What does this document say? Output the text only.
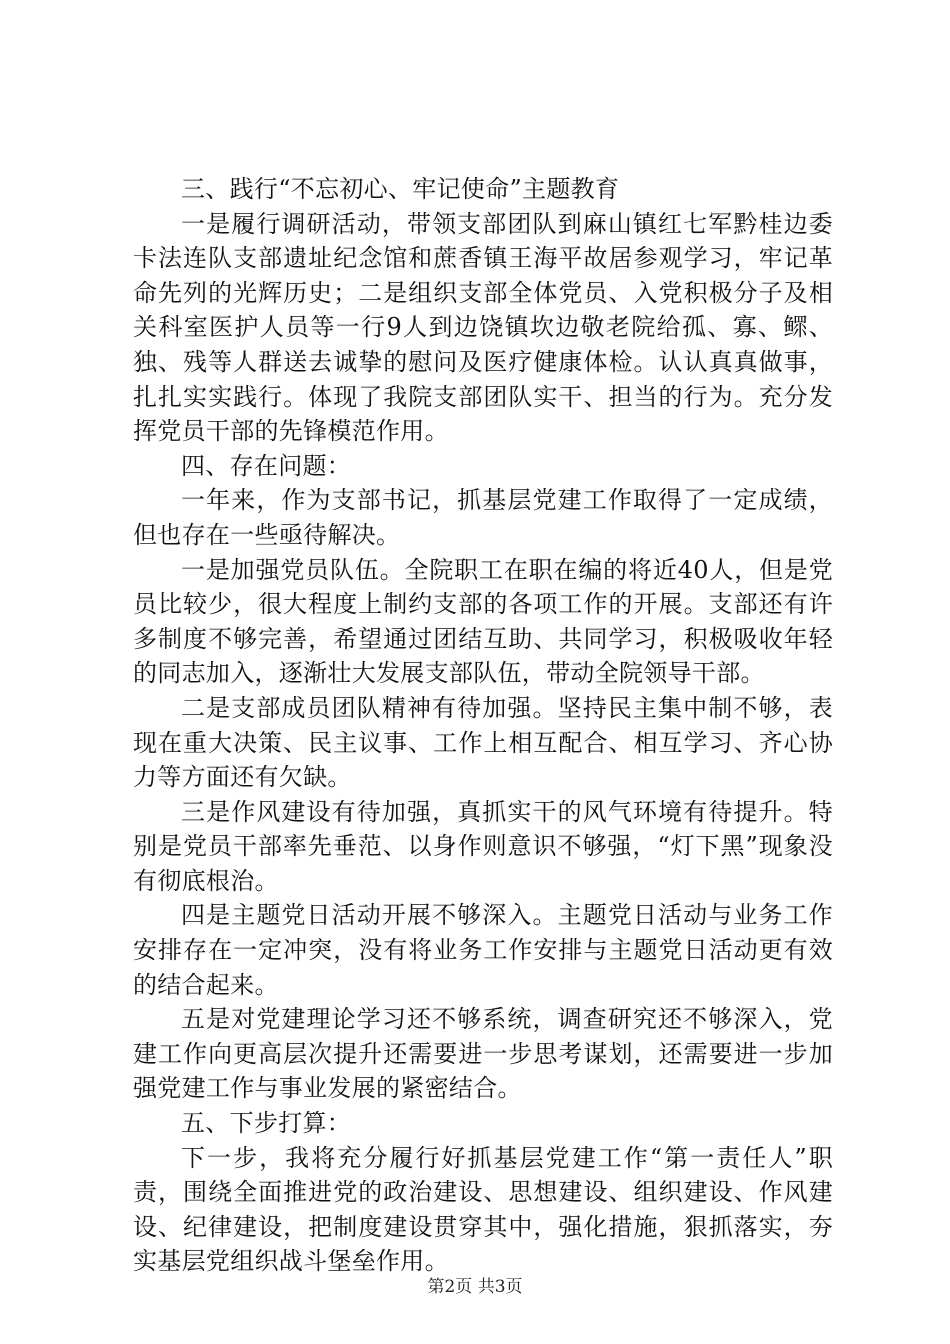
三、践行“不忘初心、牢记使命”主题教育

一是履行调研活动，带领支部团队到麻山镇红七军黔桂边委卡法连队支部遗址纪念馆和蔗香镇王海平故居参观学习，牢记革命先列的光辉历史；二是组织支部全体党员、入党积极分子及相关科室医护人员等一行9人到边饶镇坎边敬老院给孤、寡、鳏、独、残等人群送去诚挚的慰问及医疗健康体检。认认真真做事，扎扎实实践行。体现了我院支部团队实干、担当的行为。充分发挥党员干部的先锋模范作用。

四、存在问题：

一年来，作为支部书记，抓基层党建工作取得了一定成绩，但也存在一些亟待解决。

一是加强党员队伍。全院职工在职在编的将近40人，但是党员比较少，很大程度上制约支部的各项工作的开展。支部还有许多制度不够完善，希望通过团结互助、共同学习，积极吸收年轻的同志加入，逐渐壮大发展支部队伍，带动全院领导干部。

二是支部成员团队精神有待加强。坚持民主集中制不够，表现在重大决策、民主议事、工作上相互配合、相互学习、齐心协力等方面还有欠缺。

三是作风建设有待加强，真抓实干的风气环境有待提升。特别是党员干部率先垂范、以身作则意识不够强，“灯下黑”现象没有彻底根治。

四是主题党日活动开展不够深入。主题党日活动与业务工作安排存在一定冲突，没有将业务工作安排与主题党日活动更有效的结合起来。

五是对党建理论学习还不够系统，调查研究还不够深入，党建工作向更高层次提升还需要进一步思考谋划，还需要进一步加强党建工作与事业发展的紧密结合。

五、下步打算：

下一步，我将充分履行好抓基层党建工作“第一责任人”职责，围绕全面推进党的政治建设、思想建设、组织建设、作风建设、纪律建设，把制度建设贯穿其中，强化措施，狠抓落实，夯实基层党组织战斗堡垒作用。

第2页 共3页
